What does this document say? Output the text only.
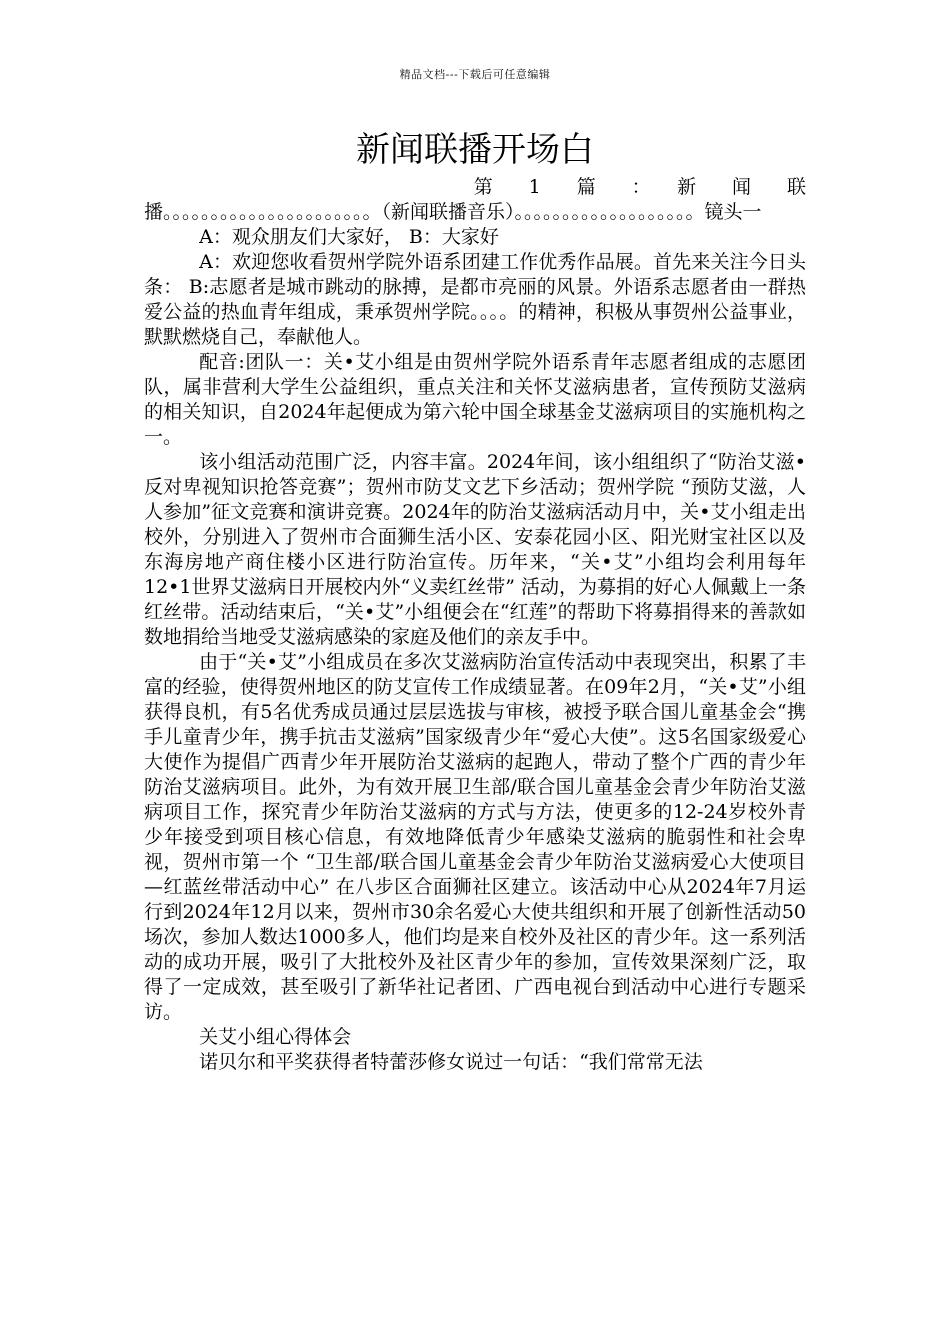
精品文档---下载后可任意编辑
新闻联播开场白

　　　　　　　　　　　　第　1　篇　：　新　闻　联　播。。。。。。。。。。。。。。。。。。。。。。（新闻联播音乐）。。。。。。。。。。。。。。。。。。。镜头一

A：观众朋友们大家好， B：大家好

A：欢迎您收看贺州学院外语系团建工作优秀作品展。首先来关注今日头条： B:志愿者是城市跳动的脉搏，是都市亮丽的风景。外语系志愿者由一群热爱公益的热血青年组成，秉承贺州学院。。。。的精神，积极从事贺州公益事业，默默燃烧自己，奉献他人。

配音:团队一：关•艾小组是由贺州学院外语系青年志愿者组成的志愿团队，属非营利大学生公益组织，重点关注和关怀艾滋病患者，宣传预防艾滋病的相关知识，自2024年起便成为第六轮中国全球基金艾滋病项目的实施机构之一。

该小组活动范围广泛，内容丰富。2024年间，该小组组织了“防治艾滋•反对卑视知识抢答竞赛”；贺州市防艾文艺下乡活动；贺州学院 “预防艾滋，人人参加”征文竞赛和演讲竞赛。2024年的防治艾滋病活动月中，关•艾小组走出校外，分别进入了贺州市合面狮生活小区、安泰花园小区、阳光财宝社区以及东海房地产商住楼小区进行防治宣传。历年来，“关•艾”小组均会利用每年12•1世界艾滋病日开展校内外“义卖红丝带” 活动，为募捐的好心人佩戴上一条红丝带。活动结束后，“关•艾”小组便会在“红莲”的帮助下将募捐得来的善款如数地捐给当地受艾滋病感染的家庭及他们的亲友手中。

由于“关•艾”小组成员在多次艾滋病防治宣传活动中表现突出，积累了丰富的经验，使得贺州地区的防艾宣传工作成绩显著。在09年2月，“关•艾”小组获得良机，有5名优秀成员通过层层选拔与审核，被授予联合国儿童基金会“携手儿童青少年，携手抗击艾滋病”国家级青少年“爱心大使”。这5名国家级爱心大使作为提倡广西青少年开展防治艾滋病的起跑人，带动了整个广西的青少年防治艾滋病项目。此外，为有效开展卫生部/联合国儿童基金会青少年防治艾滋病项目工作，探究青少年防治艾滋病的方式与方法，使更多的12-24岁校外青少年接受到项目核心信息，有效地降低青少年感染艾滋病的脆弱性和社会卑视，贺州市第一个 “卫生部/联合国儿童基金会青少年防治艾滋病爱心大使项目—红蓝丝带活动中心” 在八步区合面狮社区建立。该活动中心从2024年7月运行到2024年12月以来，贺州市30余名爱心大使共组织和开展了创新性活动50场次，参加人数达1000多人，他们均是来自校外及社区的青少年。这一系列活动的成功开展，吸引了大批校外及社区青少年的参加，宣传效果深刻广泛，取得了一定成效，甚至吸引了新华社记者团、广西电视台到活动中心进行专题采访。

关艾小组心得体会

诺贝尔和平奖获得者特蕾莎修女说过一句话：“我们常常无法
